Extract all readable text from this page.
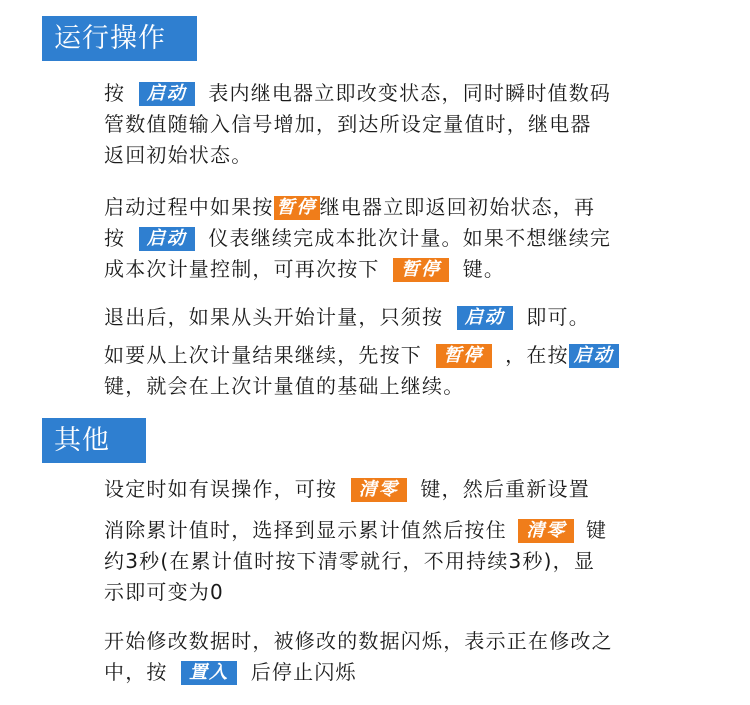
运行操作
按 启动 表内继电器立即改变状态，同时瞬时值数码
管数值随输入信号增加，到达所设定量值时，继电器
返回初始状态。
启动过程中如果按 暂停 继电器立即返回初始状态，再
按 启动 仪表继续完成本批次计量。如果不想继续完
成本次计量控制，可再次按下 暂停 键。
退出后，如果从头开始计量，只须按 启动 即可。
如要从上次计量结果继续，先按下 暂停 ，在按 启动
键，就会在上次计量值的基础上继续。
其他
设定时如有误操作，可按 清零 键，然后重新设置
消除累计值时，选择到显示累计值然后按住 清零 键
约3秒(在累计值时按下清零就行，不用持续3秒)，显
示即可变为0
开始修改数据时，被修改的数据闪烁，表示正在修改之
中，按 置入 后停止闪烁
